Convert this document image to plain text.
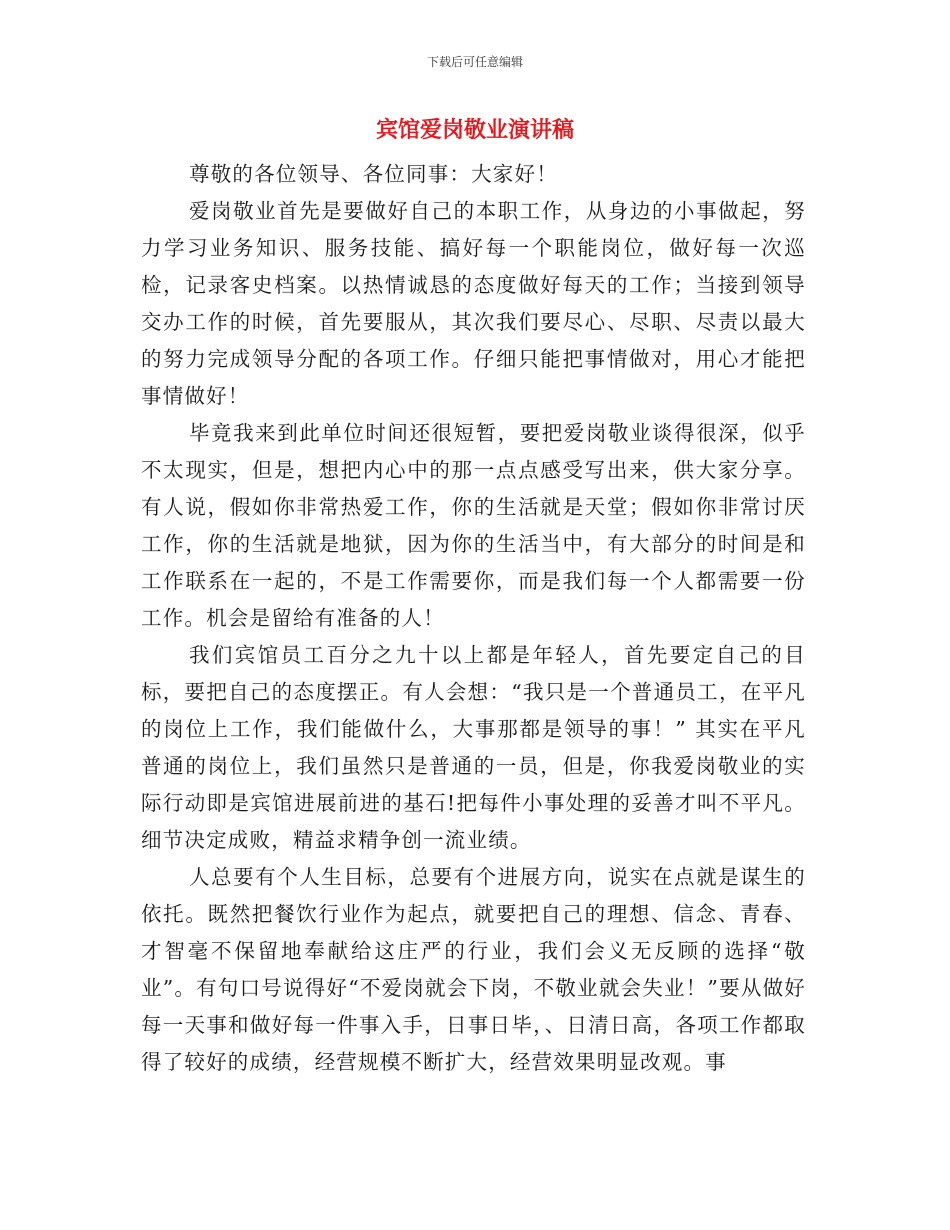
下载后可任意编辑
宾馆爱岗敬业演讲稿

尊敬的各位领导、各位同事：大家好！

爱岗敬业首先是要做好自己的本职工作，从身边的小事做起，努力学习业务知识、服务技能、搞好每一个职能岗位，做好每一次巡检，记录客史档案。以热情诚恳的态度做好每天的工作；当接到领导交办工作的时候，首先要服从，其次我们要尽心、尽职、尽责以最大的努力完成领导分配的各项工作。仔细只能把事情做对，用心才能把事情做好！

毕竟我来到此单位时间还很短暂，要把爱岗敬业谈得很深，似乎不太现实，但是，想把内心中的那一点点感受写出来，供大家分享。有人说，假如你非常热爱工作，你的生活就是天堂；假如你非常讨厌工作，你的生活就是地狱，因为你的生活当中，有大部分的时间是和工作联系在一起的，不是工作需要你，而是我们每一个人都需要一份工作。机会是留给有准备的人！

我们宾馆员工百分之九十以上都是年轻人，首先要定自己的目标，要把自己的态度摆正。有人会想：“我只是一个普通员工，在平凡的岗位上工作，我们能做什么，大事那都是领导的事！” 其实在平凡普通的岗位上，我们虽然只是普通的一员，但是，你我爱岗敬业的实际行动即是宾馆进展前进的基石!把每件小事处理的妥善才叫不平凡。细节决定成败，精益求精争创一流业绩。

人总要有个人生目标，总要有个进展方向，说实在点就是谋生的依托。既然把餐饮行业作为起点，就要把自己的理想、信念、青春、才智毫不保留地奉献给这庄严的行业，我们会义无反顾的选择“敬业”。有句口号说得好“不爱岗就会下岗，不敬业就会失业！”要从做好每一天事和做好每一件事入手，日事日毕，、日清日高，各项工作都取得了较好的成绩，经营规模不断扩大，经营效果明显改观。事
